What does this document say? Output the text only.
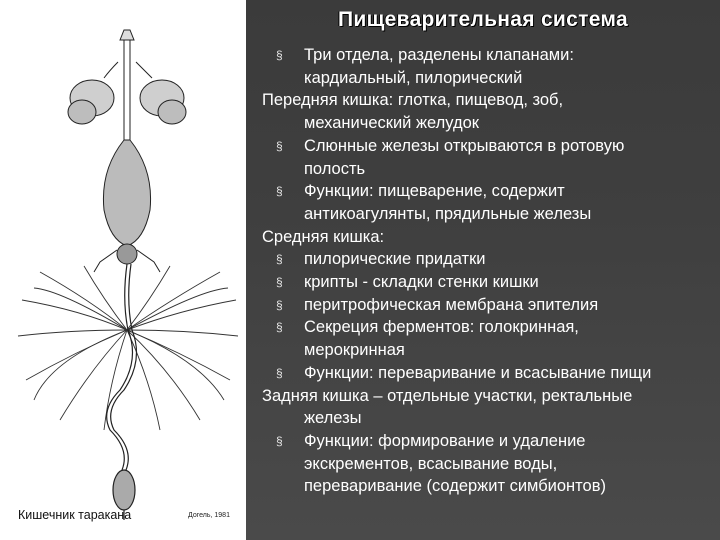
Пищеварительная система
§ Три отдела, разделены клапанами:
кардиальный, пилорический
Передняя кишка: глотка, пищевод, зоб,
механический желудок
§ Слюнные железы открываются в ротовую
полость
§ Функции: пищеварение, содержит
антикоагулянты, прядильные железы
Средняя кишка:
§ пилорические придатки
§ крипты - складки стенки кишки
§ перитрофическая мембрана эпителия
§ Секреция ферментов: голокринная,
мерокринная
§ Функции: переваривание и всасывание пищи
Задняя кишка – отдельные участки, ректальные
железы
§ Функции: формирование и удаление
экскрементов, всасывание воды,
переваривание (содержит симбионтов)
Кишечник таракана	Догель, 1981
